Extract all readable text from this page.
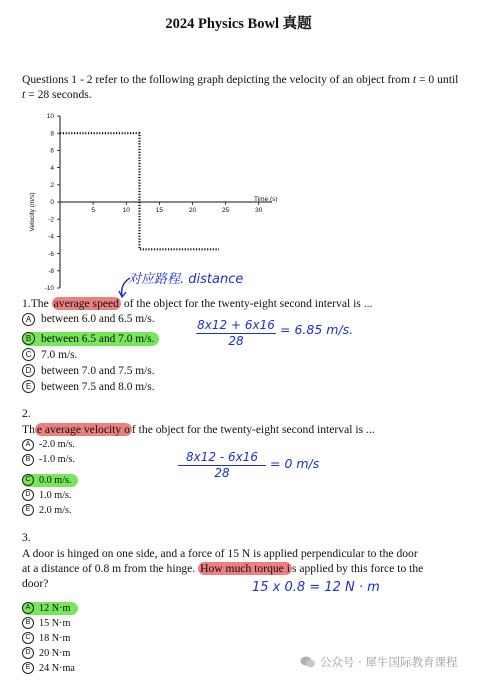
2024 Physics Bowl 真题
Questions 1 - 2 refer to the following graph depicting the velocity of an object from t = 0 until t = 28 seconds.
10
8
6
4
2
0
-2
-4
-6
-8
-10
5	10	15	20	25	30
Time (s)
Velocity (m/s)
对应路程. distance
1.The average speed of the object for the twenty-eight second interval is ...
A between 6.0 and 6.5 m/s.
B between 6.5 and 7.0 m/s.
C 7.0 m/s.
D between 7.0 and 7.5 m/s.
E between 7.5 and 8.0 m/s.
$\frac{8x12 + 6x16}{28} = 6.85$ m/s.
2.
Th e average velocity o f the object for the twenty-eight second interval is ...
A -2.0 m/s.
B -1.0 m/s.
C 0.0 m/s.
D 1.0 m/s.
E 2.0 m/s.
$\frac{8x12 - 6x16}{28} = 0$ m/s
3.
A door is hinged on one side, and a force of 15 N is applied perpendicular to the door
at a distance of 0.8 m from the hinge. How much torque i s applied by this force to the
door?
A 12 N·m
B 15 N·m
C 18 N·m
D 20 N·m
E 24 N·ma
15 x 0.8 = 12 N · m
公众号 · 犀牛国际教育课程
